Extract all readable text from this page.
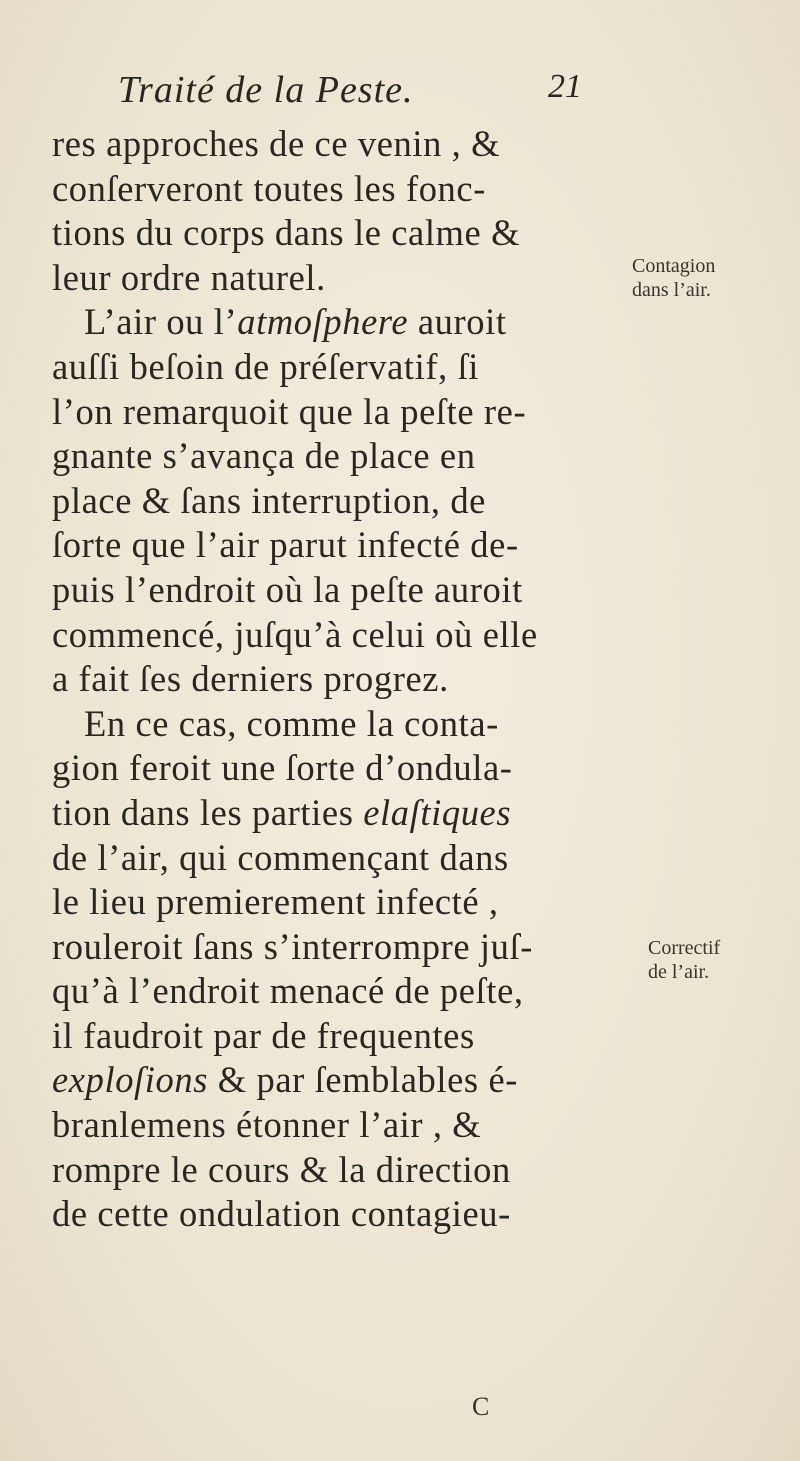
Traité de la Peste.	21
res approches de ce venin , &
conſerveront toutes les fonc-
tions du corps dans le calme &
leur ordre naturel.
L’air ou l’atmoſphere auroit
auſſi beſoin de préſervatif, ſi
l’on remarquoit que la peſte re-
gnante s’avança de place en
place & ſans interruption, de
ſorte que l’air parut infecté de-
puis l’endroit où la peſte auroit
commencé, juſqu’à celui où elle
a fait ſes derniers progrez.
En ce cas, comme la conta-
gion feroit une ſorte d’ondula-
tion dans les parties elaſtiques
de l’air, qui commençant dans
le lieu premierement infecté ,
rouleroit ſans s’interrompre juſ-
qu’à l’endroit menacé de peſte,
il faudroit par de frequentes
exploſions & par ſemblables é-
branlemens étonner l’air , &
rompre le cours & la direction
de cette ondulation contagieu-
Contagion
dans l’air.
Correctif
de l’air.
C
